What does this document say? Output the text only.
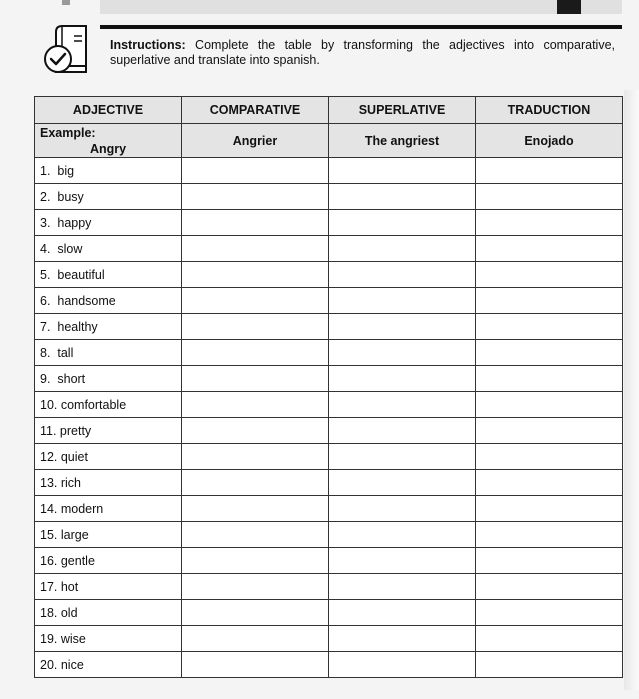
Instructions: Complete the table by transforming the adjectives into comparative, superlative and translate into spanish.
ADJECTIVE	COMPARATIVE	SUPERLATIVE	TRADUCTION

Example:
Angry	Angrier	The angriest	Enojado
1.  big			
2.  busy			
3.  happy			
4.  slow			
5.  beautiful			
6.  handsome			
7.  healthy			
8.  tall			
9.  short			
10. comfortable			
11. pretty			
12. quiet			
13. rich			
14. modern			
15. large			
16. gentle			
17. hot			
18. old			
19. wise			
20. nice			
